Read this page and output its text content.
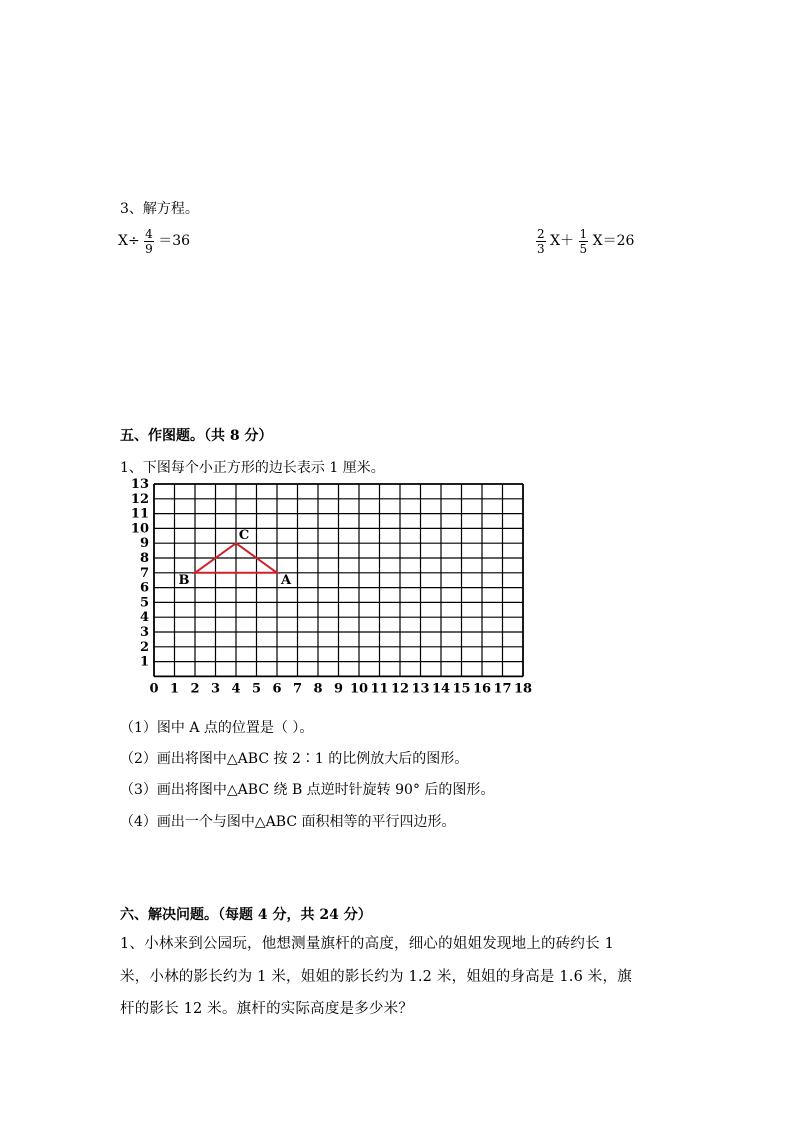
3、解方程。
$X\div \frac{4}{9} =36$	$\frac{2}{3} X+ \frac{1}{5} X=26$
五、作图题。（共 8 分）
1、下图每个小正方形的边长表示 1 厘米。
1
2
3
4
5
6
7
8
9
10
11
12
13
0 1 2 3 4 5 6 7 8 9 10 11 12 13 14 15 16 17 18
B
C
A
（1）图中 A 点的位置是（ ）。
（2）画出将图中△ABC 按 2∶1 的比例放大后的图形。
（3）画出将图中△ABC 绕 B 点逆时针旋转 90° 后的图形。
（4）画出一个与图中△ABC 面积相等的平行四边形。
六、解决问题。（每题 4 分，共 24 分）
1、小林来到公园玩，他想测量旗杆的高度，细心的姐姐发现地上的砖约长 1
米，小林的影长约为 1 米，姐姐的影长约为 1.2 米，姐姐的身高是 1.6 米，旗
杆的影长 12 米。旗杆的实际高度是多少米？
